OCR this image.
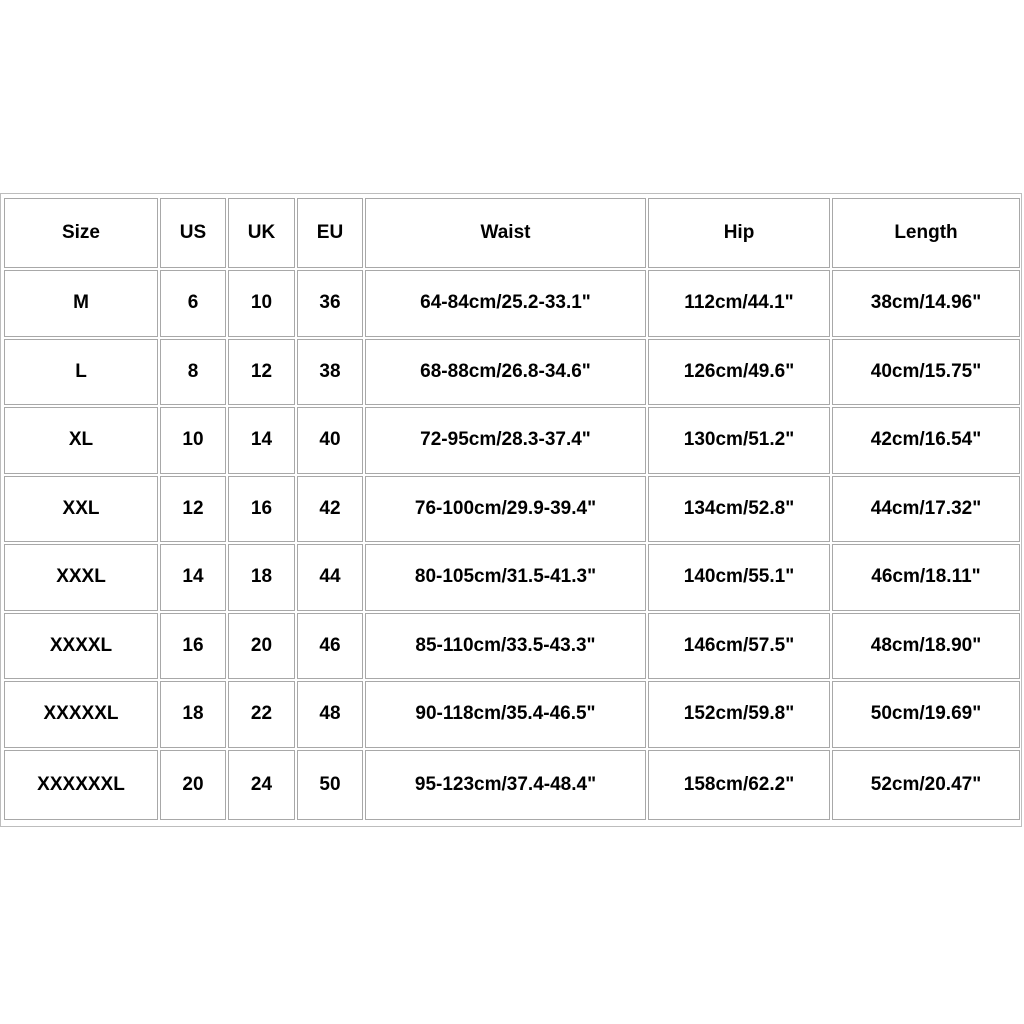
Size	US	UK	EU	Waist	Hip	Length
M	6	10	36	64-84cm/25.2-33.1"	112cm/44.1"	38cm/14.96"
L	8	12	38	68-88cm/26.8-34.6"	126cm/49.6"	40cm/15.75"
XL	10	14	40	72-95cm/28.3-37.4"	130cm/51.2"	42cm/16.54"
XXL	12	16	42	76-100cm/29.9-39.4"	134cm/52.8"	44cm/17.32"
XXXL	14	18	44	80-105cm/31.5-41.3"	140cm/55.1"	46cm/18.11"
XXXXL	16	20	46	85-110cm/33.5-43.3"	146cm/57.5"	48cm/18.90"
XXXXXL	18	22	48	90-118cm/35.4-46.5"	152cm/59.8"	50cm/19.69"
XXXXXXL	20	24	50	95-123cm/37.4-48.4"	158cm/62.2"	52cm/20.47"
